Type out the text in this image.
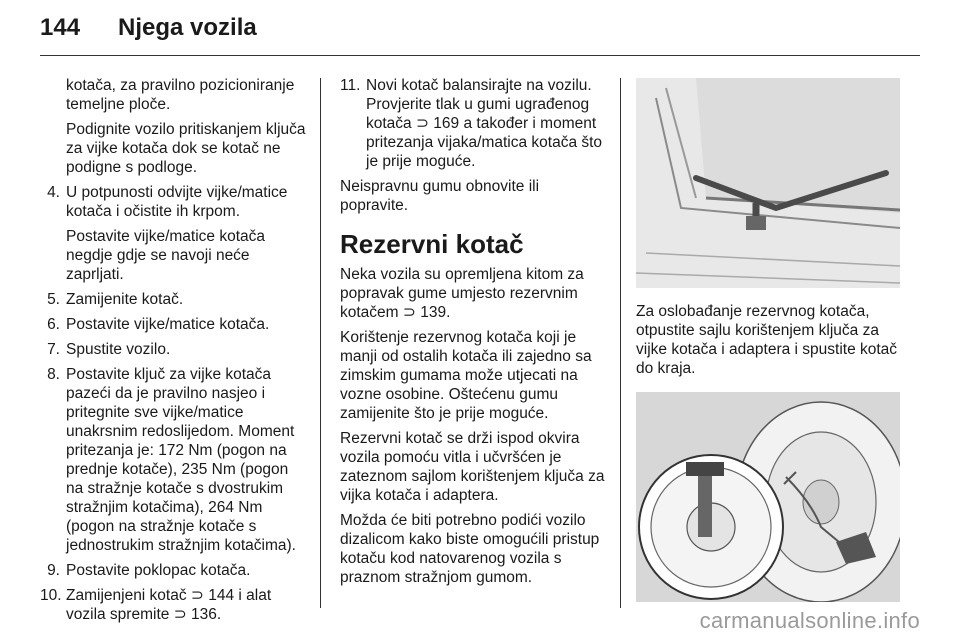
144 Njega vozila

kotača, za pravilno pozicioniranje temeljne ploče.

Podignite vozilo pritiskanjem ključa za vijke kotača dok se kotač ne podigne s podloge.

4. U potpunosti odvijte vijke/matice kotača i očistite ih krpom.
Postavite vijke/matice kotača negdje gdje se navoji neće zaprljati.
5. Zamijenite kotač.
6. Postavite vijke/matice kotača.
7. Spustite vozilo.
8. Postavite ključ za vijke kotača pazeći da je pravilno nasjeo i pritegnite sve vijke/matice unakrsnim redoslijedom. Moment pritezanja je: 172 Nm (pogon na prednje kotače), 235 Nm (pogon na stražnje kotače s dvostrukim stražnjim kotačima), 264 Nm (pogon na stražnje kotače s jednostrukim stražnjim kotačima).
9. Postavite poklopac kotača.
10. Zamijenjeni kotač ⊃ 144 i alat vozila spremite ⊃ 136.
11. Novi kotač balansirajte na vozilu. Provjerite tlak u gumi ugrađenog kotača ⊃ 169 a također i moment pritezanja vijaka/matica kotača što je prije moguće.

Neispravnu gumu obnovite ili popravite.

Rezervni kotač

Neka vozila su opremljena kitom za popravak gume umjesto rezervnim kotačem ⊃ 139.

Korištenje rezervnog kotača koji je manji od ostalih kotača ili zajedno sa zimskim gumama može utjecati na vozne osobine. Oštećenu gumu zamijenite što je prije moguće.

Rezervni kotač se drži ispod okvira vozila pomoću vitla i učvršćen je zateznom sajlom korištenjem ključa za vijka kotača i adaptera.

Možda će biti potrebno podići vozilo dizalicom kako biste omogućili pristup kotaču kod natovarenog vozila s praznom stražnjom gumom.

Za oslobađanje rezervnog kotača, otpustite sajlu korištenjem ključa za vijke kotača i adaptera i spustite kotač do kraja.

carmanualsonline.info
